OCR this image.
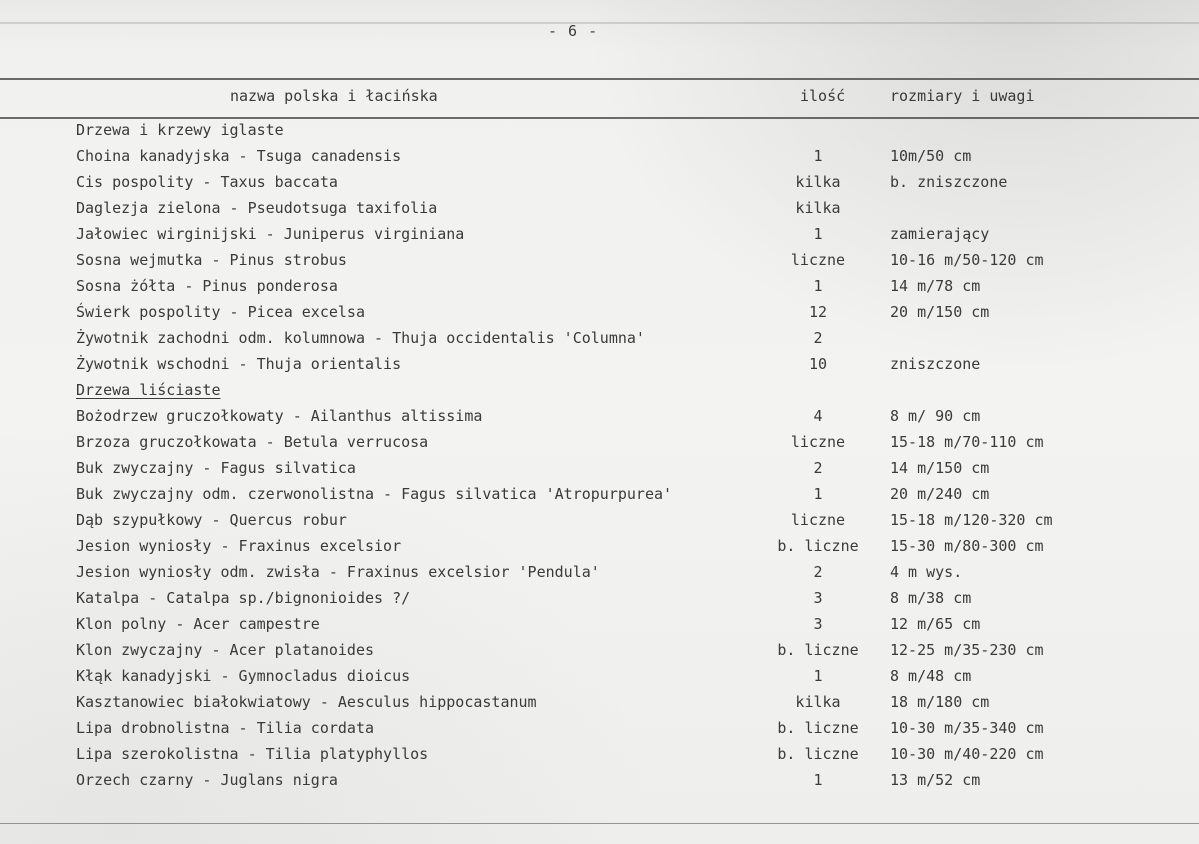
- 6 -
nazwa polska i łacińska	ilość	rozmiary i uwagi
Drzewa i krzewy iglaste
Choina kanadyjska - Tsuga canadensis	1	10m/50 cm
Cis pospolity - Taxus baccata	kilka	b. zniszczone
Daglezja zielona - Pseudotsuga taxifolia	kilka
Jałowiec wirginijski - Juniperus virginiana	1	zamierający
Sosna wejmutka - Pinus strobus	liczne	10-16 m/50-120 cm
Sosna żółta - Pinus ponderosa	1	14 m/78 cm
Świerk pospolity - Picea excelsa	12	20 m/150 cm
Żywotnik zachodni odm. kolumnowa - Thuja occidentalis 'Columna'	2
Żywotnik wschodni - Thuja orientalis	10	zniszczone
Drzewa liściaste
Bożodrzew gruczołkowaty - Ailanthus altissima	4	8 m/ 90 cm
Brzoza gruczołkowata - Betula verrucosa	liczne	15-18 m/70-110 cm
Buk zwyczajny - Fagus silvatica	2	14 m/150 cm
Buk zwyczajny odm. czerwonolistna - Fagus silvatica 'Atropurpurea'	1	20 m/240 cm
Dąb szypułkowy - Quercus robur	liczne	15-18 m/120-320 cm
Jesion wyniosły - Fraxinus excelsior	b. liczne	15-30 m/80-300 cm
Jesion wyniosły odm. zwisła - Fraxinus excelsior 'Pendula'	2	4 m wys.
Katalpa - Catalpa sp./bignonioides ?/	3	8 m/38 cm
Klon polny - Acer campestre	3	12 m/65 cm
Klon zwyczajny - Acer platanoides	b. liczne	12-25 m/35-230 cm
Kłąk kanadyjski - Gymnocladus dioicus	1	8 m/48 cm
Kasztanowiec białokwiatowy - Aesculus hippocastanum	kilka	18 m/180 cm
Lipa drobnolistna - Tilia cordata	b. liczne	10-30 m/35-340 cm
Lipa szerokolistna - Tilia platyphyllos	b. liczne	10-30 m/40-220 cm
Orzech czarny - Juglans nigra	1	13 m/52 cm
